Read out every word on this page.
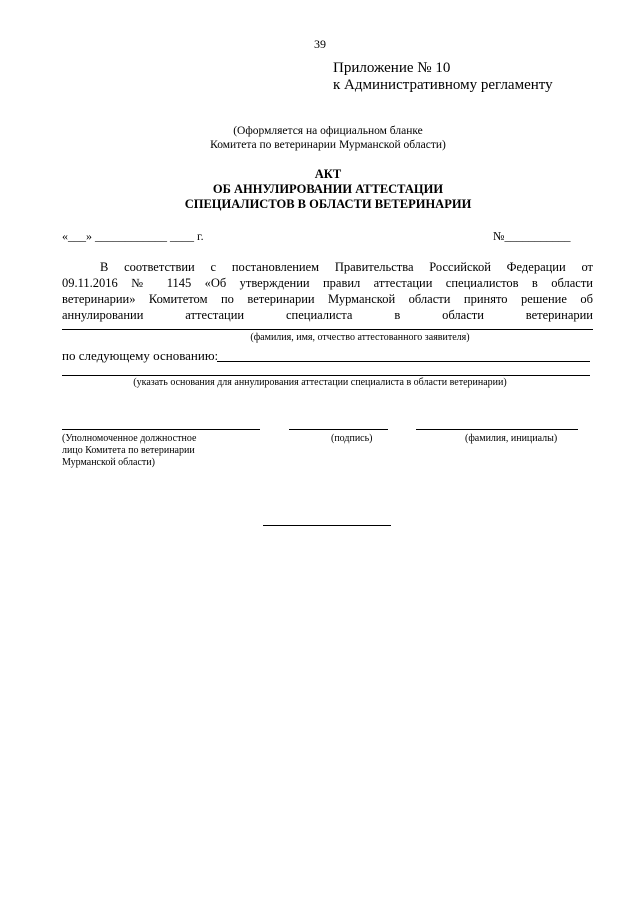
39
Приложение № 10
к Административному регламенту
(Оформляется на официальном бланке
Комитета по ветеринарии Мурманской области)
АКТ
ОБ АННУЛИРОВАНИИ АТТЕСТАЦИИ
СПЕЦИАЛИСТОВ В ОБЛАСТИ ВЕТЕРИНАРИИ
«___» ____________ ____ г.	№___________
В соответствии с постановлением Правительства Российской Федерации от
09.11.2016 № 1145 «Об утверждении правил аттестации специалистов в области
ветеринарии» Комитетом по ветеринарии Мурманской области принято решение об
аннулировании аттестации специалиста в области ветеринарии
(фамилия, имя, отчество аттестованного заявителя)
по следующему основанию:
(указать основания для аннулирования аттестации специалиста в области ветеринарии)
(Уполномоченное должностное
лицо Комитета по ветеринарии
Мурманской области)
(подпись)	(фамилия, инициалы)
